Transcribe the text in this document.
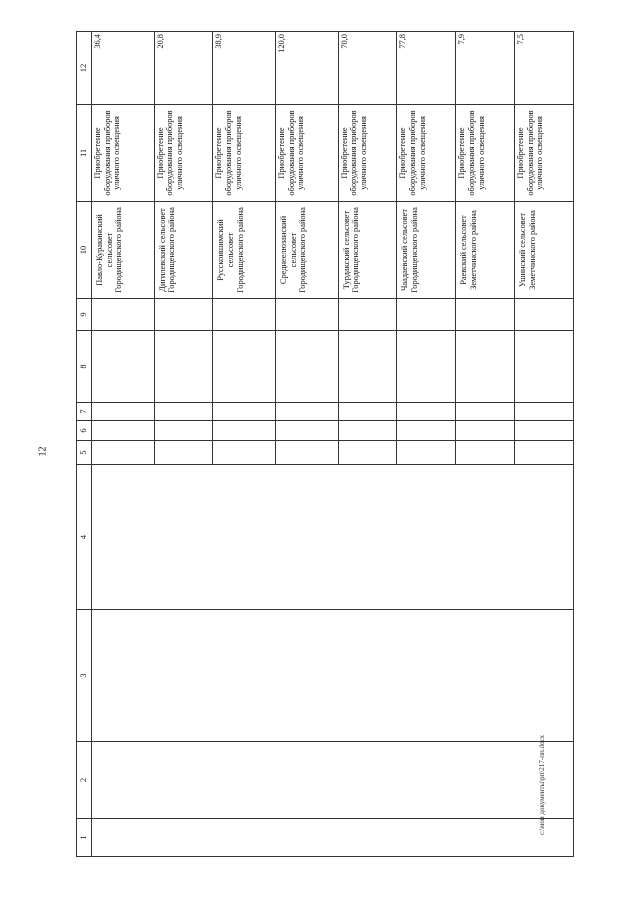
12
1	2	3	4	5	6	7	8	9	10	11	12
									Павло-Куракинский сельсовет Городищенского района	Приобретение оборудования приборов уличного освещения	36,4
									Дигилевский сельсовет Городищенского района	Приобретение оборудования приборов уличного освещения	20,8
									Русскоишимский сельсовет Городищенского района	Приобретение оборудования приборов уличного освещения	38,9
									Среднеелюзанский сельсовет Городищенского района	Приобретение оборудования приборов уличного освещения	120,0
									Турдакский сельсовет Городищенского района	Приобретение оборудования приборов уличного освещения	70,0
									Чаадаевский сельсовет Городищенского района	Приобретение оборудования приборов уличного освещения	77,8
									Раевский сельсовет Земетчинского района	Приобретение оборудования приборов уличного освещения	7,9
									Ушинский сельсовет Земетчинского района	Приобретение оборудования приборов уличного освещения	7,5
c:\мои документы\рп\217-пп.docx
